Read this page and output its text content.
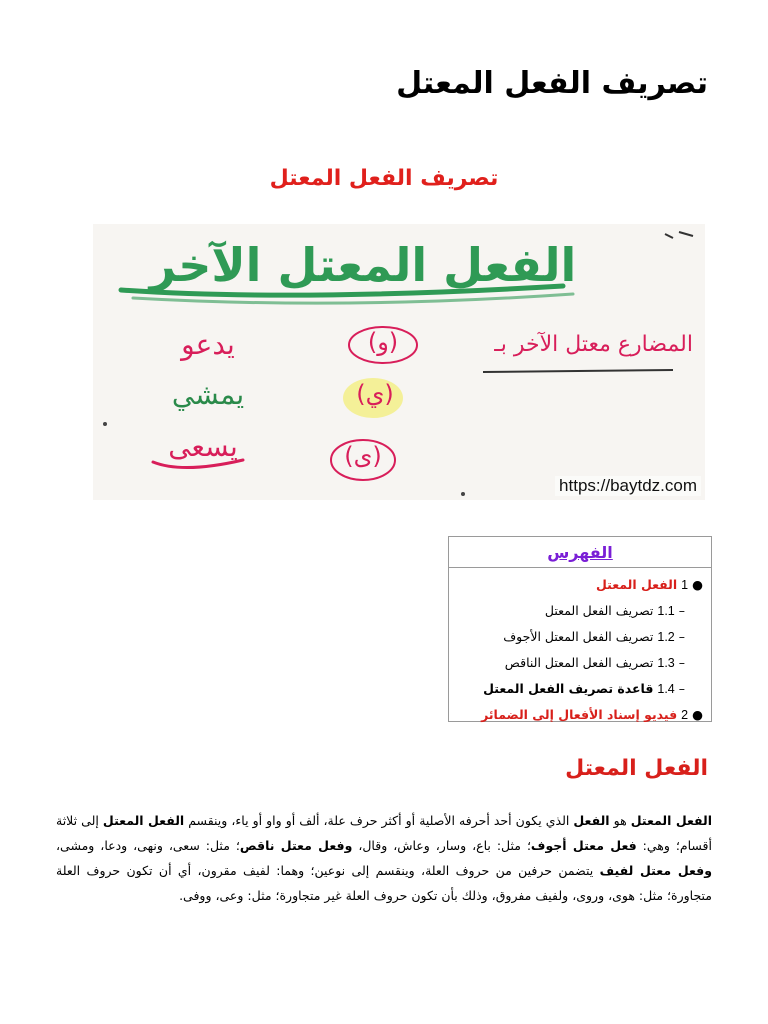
تصريف الفعل المعتل
تصريف الفعل المعتل
الفعل المعتل الآخر
المضارع معتل الآخر بـ
(و)
يدعو
(ي)
يمشي
(ى)
يسعى
https://baytdz.com
الفهرس
● 1 الفعل المعتل
– 1.1 تصريف الفعل المعتل
– 1.2 تصريف الفعل المعتل الأجوف
– 1.3 تصريف الفعل المعتل الناقص
– 1.4 قاعدة تصريف الفعل المعتل
● 2 فيديو إسناد الأفعال إلى الضمائر
الفعل المعتل

الفعل المعتل هو الفعل الذي يكون أحد أحرفه الأصلية أو أكثر حرف علة، ألف أو واو أو ياء، وينقسم الفعل المعتل إلى ثلاثة أقسام؛ وهي: فعل معتل أجوف؛ مثل: باع، وسار، وعاش، وقال، وفعل معتل ناقص؛ مثل: سعى، ونهى، ودعا، ومشى، وفعل معتل لفيف يتضمن حرفين من حروف العلة، وينقسم إلى نوعين؛ وهما: لفيف مقرون، أي أن تكون حروف العلة متجاورة؛ مثل: هوى، وروى، ولفيف مفروق، وذلك بأن تكون حروف العلة غير متجاورة؛ مثل: وعى، ووفى.
